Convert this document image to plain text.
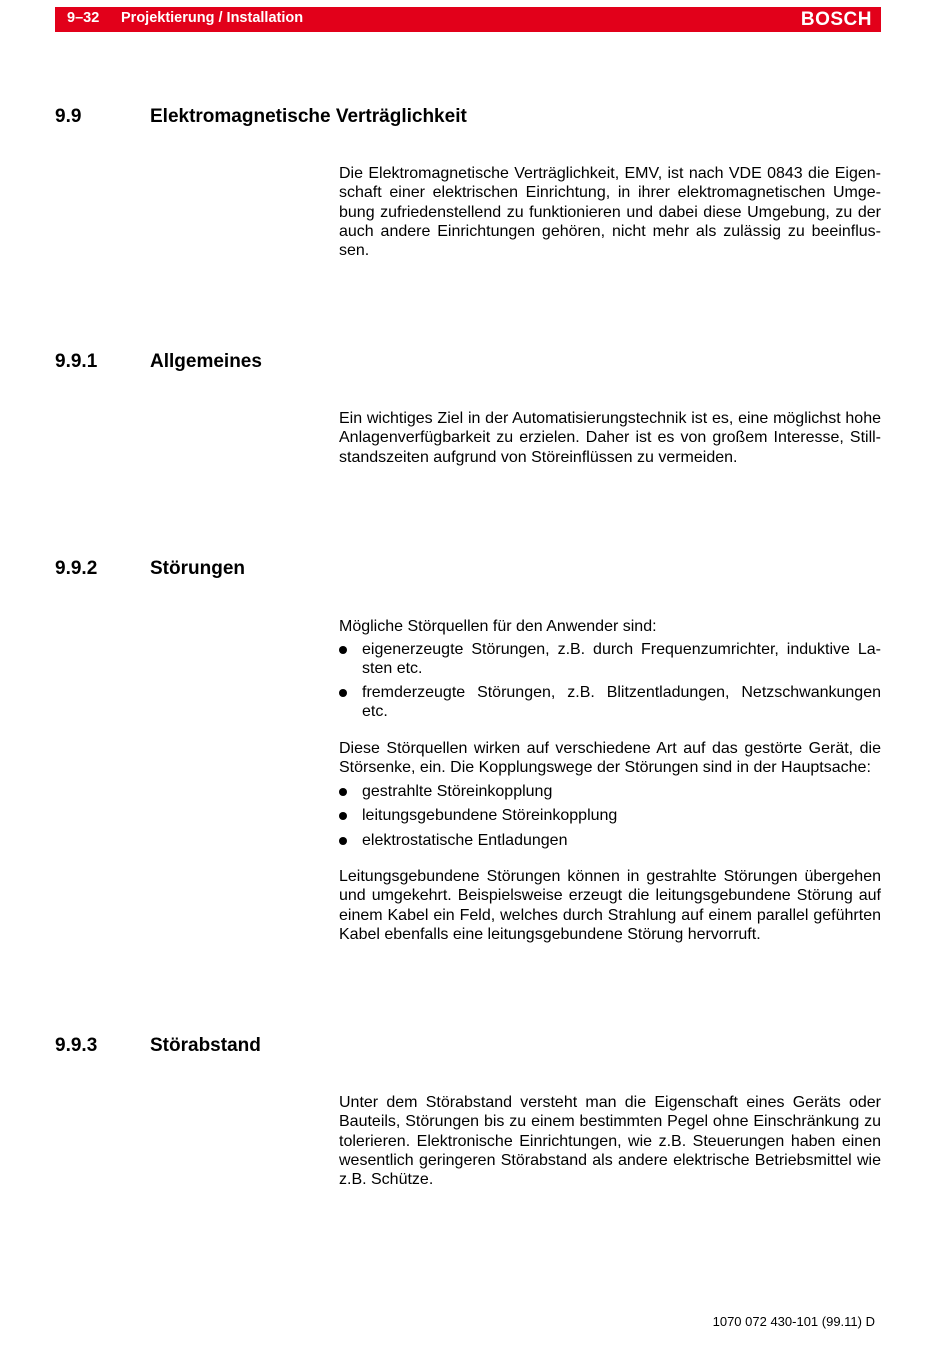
9–32 Projektierung / Installation	BOSCH
9.9	Elektromagnetische Verträglichkeit

Die Elektromagnetische Verträglichkeit, EMV, ist nach VDE 0843 die Eigenschaft einer elektrischen Einrichtung, in ihrer elektromagnetischen Umgebung zufriedenstellend zu funktionieren und dabei diese Umgebung, zu der auch andere Einrichtungen gehören, nicht mehr als zulässig zu beeinflussen.

9.9.1	Allgemeines

Ein wichtiges Ziel in der Automatisierungstechnik ist es, eine möglichst hohe Anlagenverfügbarkeit zu erzielen. Daher ist es von großem Interesse, Stillstandszeiten aufgrund von Störeinflüssen zu vermeiden.

9.9.2	Störungen

Mögliche Störquellen für den Anwender sind:

eigenerzeugte Störungen, z.B. durch Frequenzumrichter, induktive Lasten etc.
fremderzeugte Störungen, z.B. Blitzentladungen, Netzschwankungen etc.

Diese Störquellen wirken auf verschiedene Art auf das gestörte Gerät, die Störsenke, ein. Die Kopplungswege der Störungen sind in der Hauptsache:

gestrahlte Störeinkopplung
leitungsgebundene Störeinkopplung
elektrostatische Entladungen

Leitungsgebundene Störungen können in gestrahlte Störungen übergehen und umgekehrt. Beispielsweise erzeugt die leitungsgebundene Störung auf einem Kabel ein Feld, welches durch Strahlung auf einem parallel geführten Kabel ebenfalls eine leitungsgebundene Störung hervorruft.

9.9.3	Störabstand

Unter dem Störabstand versteht man die Eigenschaft eines Geräts oder Bauteils, Störungen bis zu einem bestimmten Pegel ohne Einschränkung zu tolerieren. Elektronische Einrichtungen, wie z.B. Steuerungen haben einen wesentlich geringeren Störabstand als andere elektrische Betriebsmittel wie z.B. Schütze.

1070 072 430-101 (99.11) D
